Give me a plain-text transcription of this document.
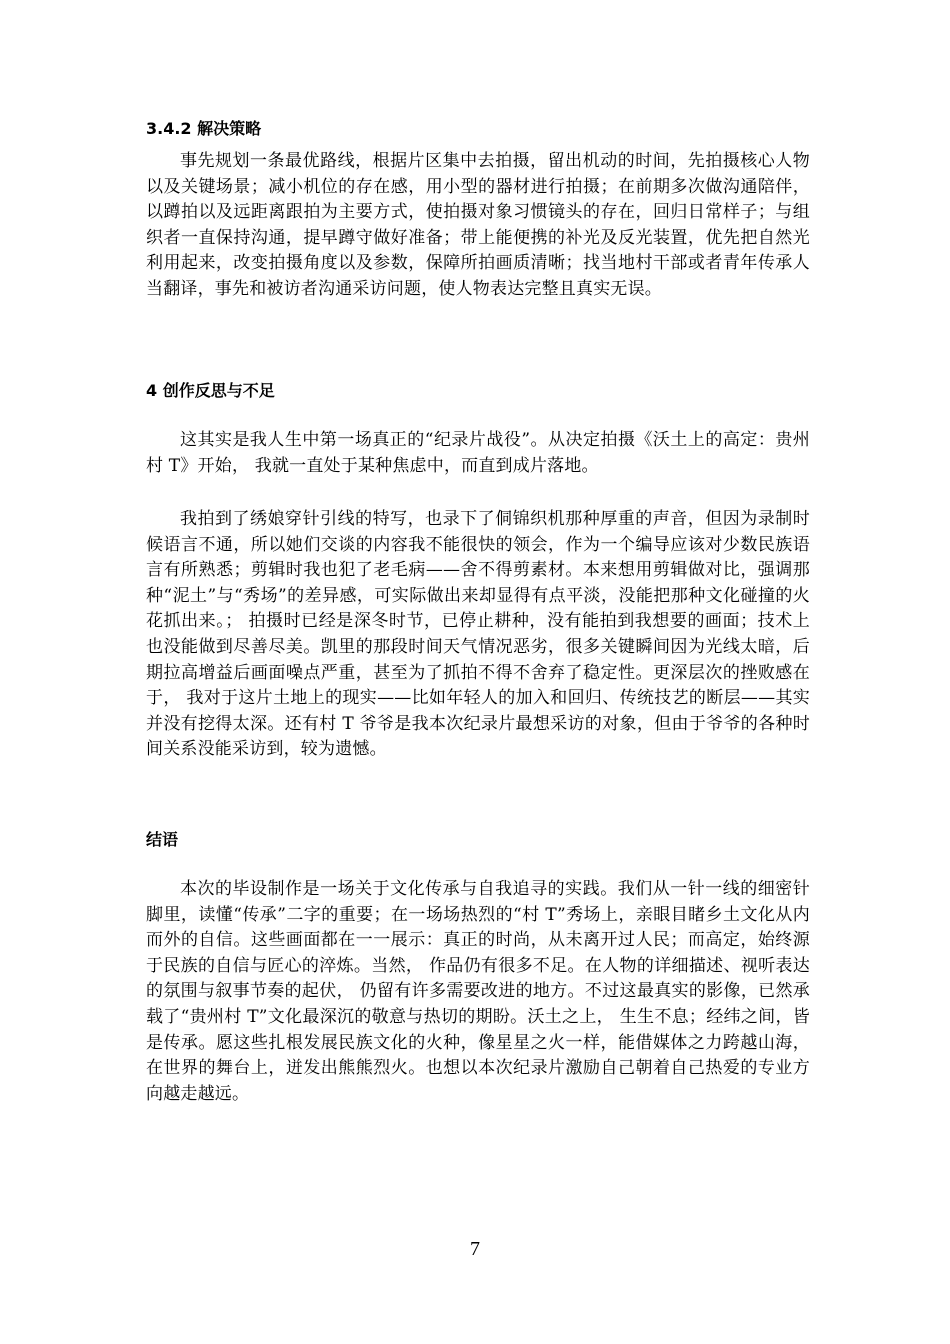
3.4.2 解决策略

事先规划一条最优路线，根据片区集中去拍摄，留出机动的时间，先拍摄核心人物以及关键场景；减小机位的存在感，用小型的器材进行拍摄；在前期多次做沟通陪伴，以蹲拍以及远距离跟拍为主要方式，使拍摄对象习惯镜头的存在，回归日常样子；与组织者一直保持沟通，提早蹲守做好准备；带上能便携的补光及反光装置，优先把自然光利用起来，改变拍摄角度以及参数，保障所拍画质清晰；找当地村干部或者青年传承人当翻译，事先和被访者沟通采访问题，使人物表达完整且真实无误。

4 创作反思与不足

这其实是我人生中第一场真正的“纪录片战役”。从决定拍摄《沃土上的高定：贵州村 T》开始， 我就一直处于某种焦虑中，而直到成片落地。

我拍到了绣娘穿针引线的特写，也录下了侗锦织机那种厚重的声音，但因为录制时候语言不通，所以她们交谈的内容我不能很快的领会，作为一个编导应该对少数民族语言有所熟悉；剪辑时我也犯了老毛病——舍不得剪素材。本来想用剪辑做对比，强调那种“泥土”与“秀场”的差异感，可实际做出来却显得有点平淡，没能把那种文化碰撞的火花抓出来。； 拍摄时已经是深冬时节，已停止耕种，没有能拍到我想要的画面；技术上也没能做到尽善尽美。凯里的那段时间天气情况恶劣，很多关键瞬间因为光线太暗，后期拉高增益后画面噪点严重，甚至为了抓拍不得不舍弃了稳定性。更深层次的挫败感在于， 我对于这片土地上的现实——比如年轻人的加入和回归、传统技艺的断层——其实并没有挖得太深。还有村 T 爷爷是我本次纪录片最想采访的对象，但由于爷爷的各种时间关系没能采访到，较为遗憾。

结语

本次的毕设制作是一场关于文化传承与自我追寻的实践。我们从一针一线的细密针脚里，读懂“传承”二字的重要；在一场场热烈的“村 T”秀场上，亲眼目睹乡土文化从内而外的自信。这些画面都在一一展示：真正的时尚，从未离开过人民；而高定，始终源于民族的自信与匠心的淬炼。当然， 作品仍有很多不足。在人物的详细描述、视听表达的氛围与叙事节奏的起伏， 仍留有许多需要改进的地方。不过这最真实的影像，已然承载了“贵州村 T”文化最深沉的敬意与热切的期盼。沃土之上， 生生不息；经纬之间，皆是传承。愿这些扎根发展民族文化的火种，像星星之火一样，能借媒体之力跨越山海，在世界的舞台上，迸发出熊熊烈火。也想以本次纪录片激励自己朝着自己热爱的专业方向越走越远。

7
